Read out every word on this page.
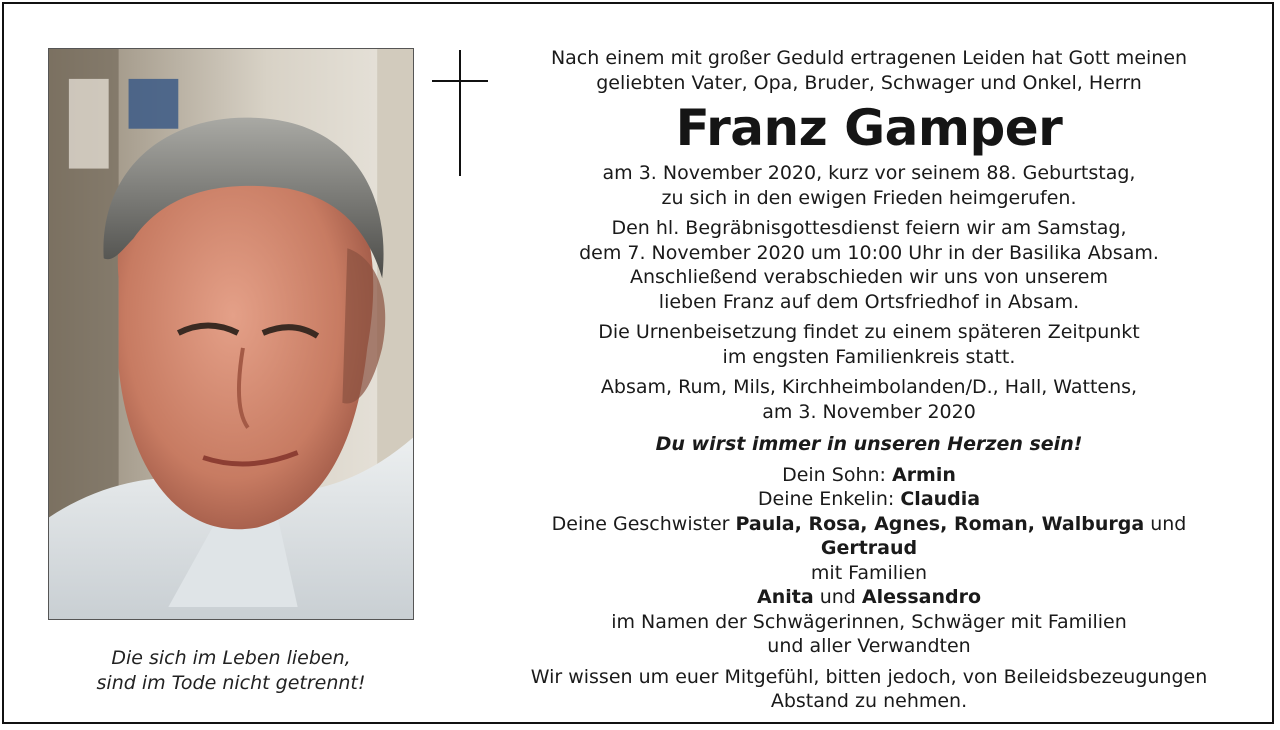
Die sich im Leben lieben,
sind im Tode nicht getrennt!

Nach einem mit großer Geduld ertragenen Leiden hat Gott meinen

geliebten Vater, Opa, Bruder, Schwager und Onkel, Herrn

Franz Gamper

am 3. November 2020, kurz vor seinem 88. Geburtstag,

zu sich in den ewigen Frieden heimgerufen.

Den hl. Begräbnisgottesdienst feiern wir am Samstag,

dem 7. November 2020 um 10:00 Uhr in der Basilika Absam.

Anschließend verabschieden wir uns von unserem

lieben Franz auf dem Ortsfriedhof in Absam.

Die Urnenbeisetzung findet zu einem späteren Zeitpunkt

im engsten Familienkreis statt.

Absam, Rum, Mils, Kirchheimbolanden/D., Hall, Wattens,

am 3. November 2020

Du wirst immer in unseren Herzen sein!

Dein Sohn: Armin

Deine Enkelin: Claudia

Deine Geschwister Paula, Rosa, Agnes, Roman, Walburga und Gertraud

mit Familien

Anita und Alessandro

im Namen der Schwägerinnen, Schwäger mit Familien

und aller Verwandten

Wir wissen um euer Mitgefühl, bitten jedoch, von Beileidsbezeugungen

Abstand zu nehmen.
